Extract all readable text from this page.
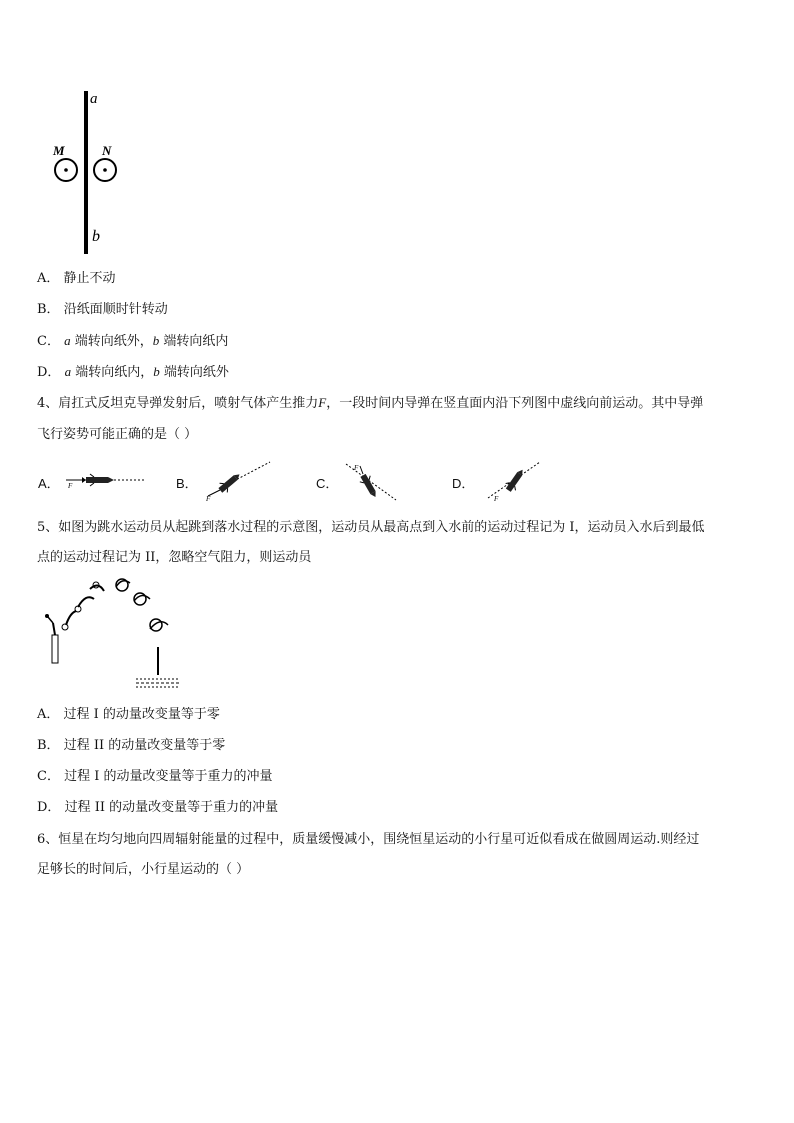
a
b
M	N
A． 静止不动
B． 沿纸面顺时针转动
C． a 端转向纸外，b 端转向纸内
D． a 端转向纸内，b 端转向纸外
4、肩扛式反坦克导弹发射后，喷射气体产生推力F，一段时间内导弹在竖直面内沿下列图中虚线向前运动。其中导弹
飞行姿势可能正确的是（ ）
A． F	B．
F
C．
F
D．
F
5、如图为跳水运动员从起跳到落水过程的示意图，运动员从最高点到入水前的运动过程记为 I，运动员入水后到最低
点的运动过程记为 II，忽略空气阻力，则运动员
A． 过程 I 的动量改变量等于零
B． 过程 II 的动量改变量等于零
C． 过程 I 的动量改变量等于重力的冲量
D． 过程 II 的动量改变量等于重力的冲量
6、恒星在均匀地向四周辐射能量的过程中，质量缓慢减小，围绕恒星运动的小行星可近似看成在做圆周运动.则经过
足够长的时间后，小行星运动的（ ）
